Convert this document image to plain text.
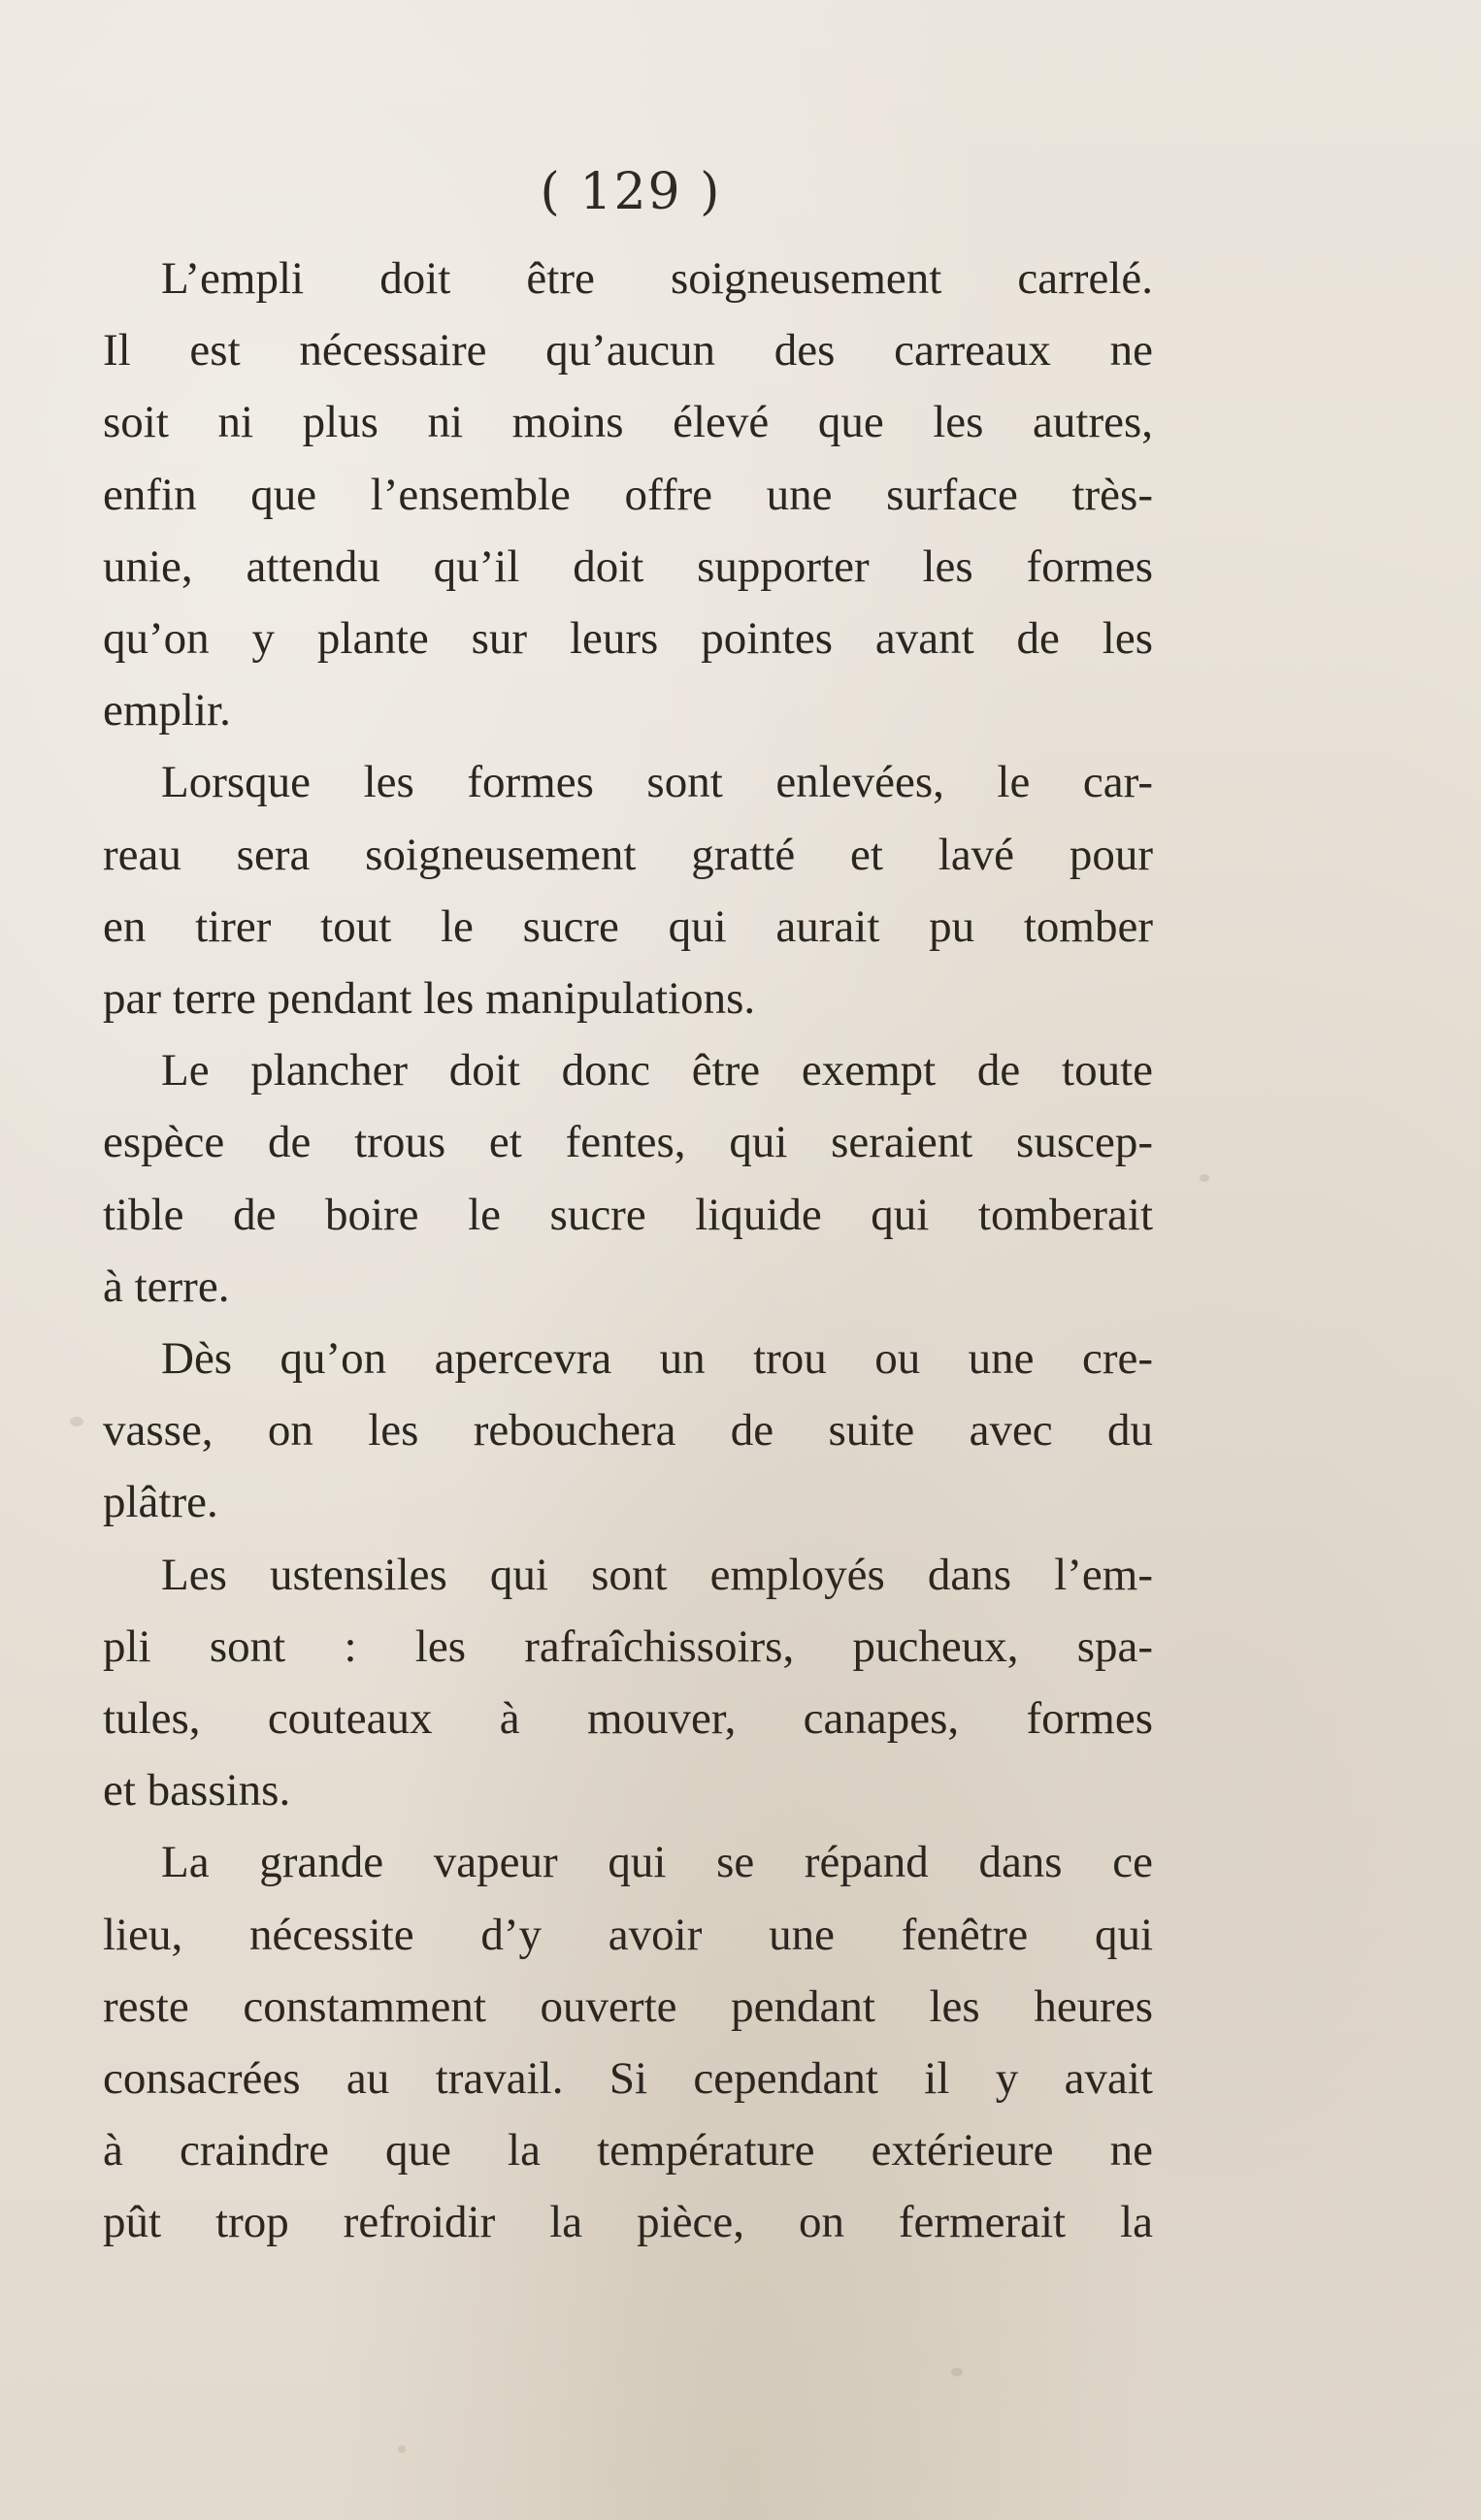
( 129 )
L’empli doit être soigneusement carrelé.
Il est nécessaire qu’aucun des carreaux ne
soit ni plus ni moins élevé que les autres,
enfin que l’ensemble offre une surface très-
unie, attendu qu’il doit supporter les formes
qu’on y plante sur leurs pointes avant de les
emplir.
Lorsque les formes sont enlevées, le car-
reau sera soigneusement gratté et lavé pour
en tirer tout le sucre qui aurait pu tomber
par terre pendant les manipulations.
Le plancher doit donc être exempt de toute
espèce de trous et fentes, qui seraient suscep-
tible de boire le sucre liquide qui tomberait
à terre.
Dès qu’on apercevra un trou ou une cre-
vasse, on les rebouchera de suite avec du
plâtre.
Les ustensiles qui sont employés dans l’em-
pli sont : les rafraîchissoirs, pucheux, spa-
tules, couteaux à mouver, canapes, formes
et bassins.
La grande vapeur qui se répand dans ce
lieu, nécessite d’y avoir une fenêtre qui
reste constamment ouverte pendant les heures
consacrées au travail. Si cependant il y avait
à craindre que la température extérieure ne
pût trop refroidir la pièce, on fermerait la
